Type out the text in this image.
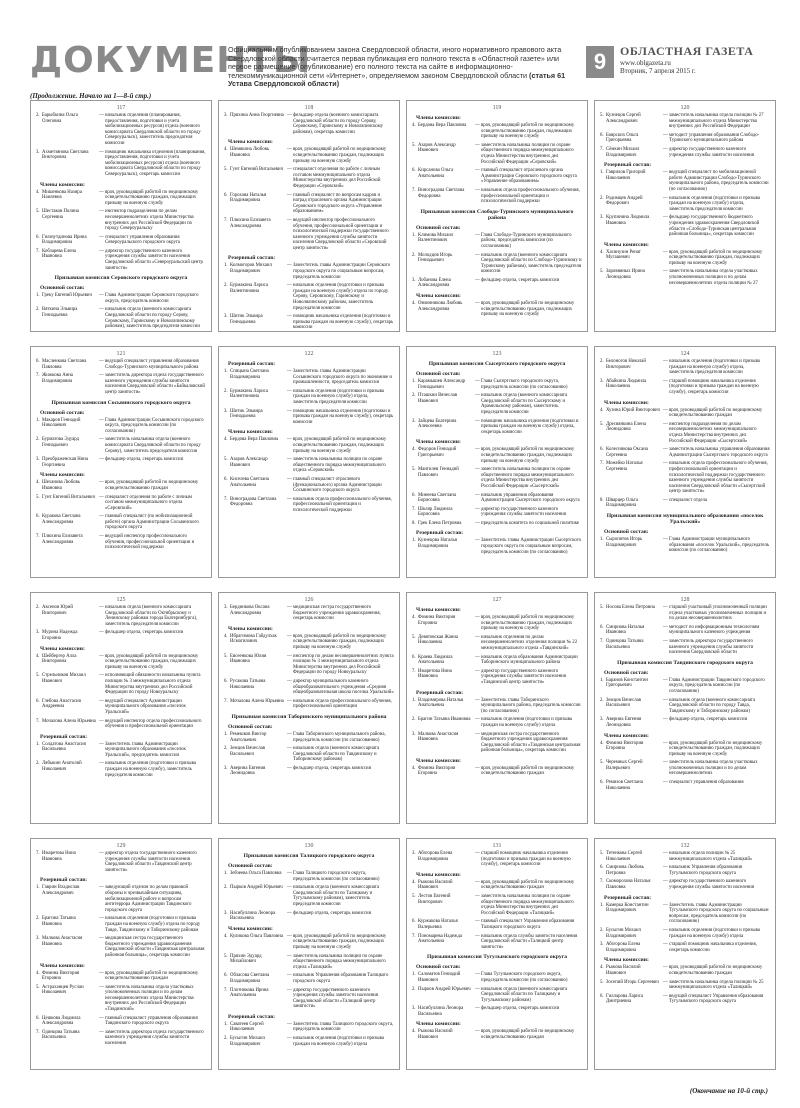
ДОКУМЕНТЫ
Официальным опубликованием закона Свердловской области, иного нормативного правового акта Свердловской области считается первая публикация его полного текста в «Областной газете» или первое размещение (опубликование) его полного текста на сайте в информационно-телекоммуникационной сети «Интернет», определяемом законом Свердловской области (статья 61 Устава Свердловской области)
9	ОБЛАСТНАЯ ГАЗЕТА
www.oblgazeta.ru
Вторник, 7 апреля 2015 г.
(Продолжение. Начало на 1—8-й стр.)
117
2. Барыбкина Ольга Олеговна
— начальник отделения (планирования, предоставления, подготовки и учета мобилизационных ресурсов) отдела (военного комиссариата Свердловской области по городу Североуральск), заместитель председателя комиссии
3. Ахметзянова Светлана Викторовна
— помощник начальника отделения (планирования, предоставления, подготовки и учета мобилизационных ресурсов) отдела (военного комиссариата Свердловской области по городу Североуральск), секретарь комиссии
Члены комиссии:
4. Мишенкова Назира Наилевна
— врач, руководящий работой по медицинскому освидетельствованию граждан, подлежащих призыву на военную службу
5. Шестаков Полина Сергеевна
— инспектор подразделения по делам несовершеннолетних отдела Министерства внутренних дел Российской Федерации по городу Североуральску
6. Гилязутдинова Ирина Владимировна
— специалист управления образования Североуральского городского округа
7. Кобзарева Елена Ивановна
— директор государственного казенного учреждения службы занятости населения Свердловской области «Североуральский центр занятости»
Призывная комиссия Серовского городского округа
Основной состав:
1. Греку Евгений Юрьевич	— Глава Администрации Серовского городского округа, председатель комиссии
2. Вяткина Эльвира Геннадьевна
— начальник отдела (военного комиссариата Свердловской области по городу Серову, Серовскому, Гаринскому и Новолялинскому районам), заместитель председателя комиссии
118
3. Пряхина Анна Георгиевна — фельдшер отдела (военного комиссариата Свердловской области по городу Серову, Серовскому, Гаринскому и Новолялинскому районам), секретарь комиссии
Члены комиссии:
4. Шемякина Любовь Ивановна
— врач, руководящий работой по медицинскому освидетельствованию граждан, подлежащих призыву на военную службу
5. Гунт Евгений Витальевич — специалист отделения по работе с личным составом межмуниципального отдела Министерства внутренних дел Российской Федерации «Серовский»
6. Горохова Наталья Владимировна
— главный специалист по вопросам кадров и наград отраслевого органа Администрации Серовского городского округа «Управление образованием»
7. Плюхина Елизавета Александровна
— ведущий инспектор профессионального обучения, профессиональной ориентации и психологической поддержки государственного казенного учреждения службы занятости населения Свердловской области «Серовский центр занятости»
Резервный состав:
1. Колмогоров Михаил Владимирович
— Заместитель главы Администрации Серовского городского округа по социальным вопросам, председатель комиссии
2. Бурмакина Лариса Валентиновна
— начальник отделения (подготовки и призыва граждан на военную службу) отдела по городу Серову, Серовскому, Гаринскому и Новолялинскому районам, заместитель председателя комиссии
3. Шитик Эльвира Геннадьевна
— помощник начальника отделения (подготовки и призыва граждан на военную службу), секретарь комиссии
119
Члены комиссии:
4. Бердова Вера Павловна	— врач, руководящий работой по медицинскому освидетельствованию граждан, подлежащих призыву на военную службу
5. Азаров Александр Иванович
— заместитель начальника полиции по охране общественного порядка межмуниципального отдела Министерства внутренних дел Российской Федерации «Серовский»
6. Кирсанова Ольга Анатольевна
— главный специалист отраслевого органа Администрации Серовского городского округа «Управление образованием»
7. Виноградова Светлана Федоровна
— начальник отдела профессионального обучения, профессиональной ориентации и психологической поддержки
Призывная комиссия Слободо-Туринского муниципального района
Основной состав:
1. Климова Михаил Валентинович
— Глава Слободо-Туринского муниципального района, председатель комиссии (по согласованию)
2. Молодцов Игорь Геннадьевич
— начальник отдела (военного комиссариата Свердловской области по Слободо-Туринскому и Туринскому районам), заместитель председателя комиссии
3. Лобанова Елена Александровна
— фельдшер отдела, секретарь комиссии
Члены комиссии:
4. Овчинникова Любовь Александровна
— врач, руководящий работой по медицинскому освидетельствованию граждан, подлежащих призыву на военную службу
120
5. Кузнецов Сергей Александрович
— заместитель начальника отдела полиции № 27 межмуниципального отдела Министерства внутренних дел Российской Федерации
6. Боярских Ольга Григорьевна
— методист управления образования Слободо-Туринского муниципального района
7. Сёмкин Михаил Владимирович
— директор государственного казенного учреждения службы занятости населения
Резервный состав:
1. Гаврилов Григорий Николаевич
— ведущий специалист по мобилизационной работе Администрации Слободо-Туринского муниципального района, председатель комиссии (по согласованию)
2. Родимцев Андрей Федорович
— начальник отделения (подготовки и призыва граждан на военную службу) отдела, заместитель председателя комиссии
3. Крупинина Людмила Ивановна
— фельдшер государственного бюджетного учреждения здравоохранения Свердловской области «Слободо-Туринская центральная районная больница», секретарь комиссии
Члены комиссии:
4. Хасинузин Ренат Мугашевич
— врач, руководящий работой по медицинскому освидетельствованию граждан, подлежащих призыву на военную службу
5. Заровняных Ирина Леонидовна
— заместитель начальника отдела участковых уполномоченных полиции и по делам несовершеннолетних отдела полиции № 27
121
6. Масленкова Светлана Павловна
— ведущий специалист управления образования Слободо-Туринского муниципального района
7. Жижкова Анна Владимировна
— заместитель директора отдела государственного казенного учреждения службы занятости населения Свердловской области «Байкаловский центр занятости»
Призывная комиссия Сосьвинского городского округа
Основной состав:
1. Макаров Геннадий Николаевич
— Глава Администрации Сосьвинского городского округа, председатель комиссии (по согласованию)
2. Бурматова Эдуард Геннадьевич
— заместитель начальника отдела (военного комиссариата Свердловской области по городу Серову), заместитель председателя комиссии
3. Преображенская Нина Георгиевна
— фельдшер отдела, секретарь комиссии
Члены комиссии:
4. Шеханова Любовь Ивановна
— врач, руководящий работой по медицинскому освидетельствованию граждан
5. Гунт Евгений Витальевич — специалист отделения по работе с личным составом межмуниципального отдела «Серовский»
6. Куракова Светлана Александровна
— главный специалист (по мобилизационной работе) органа Администрации Сосьвинского городского округа
7. Плюхина Елизавета Александровна
— ведущий инспектор профессионального обучения, профессиональной ориентации и психологической поддержки
122
Резервный состав:
1. Спицына Светлана Владимировна
— Заместитель главы Администрации Сосьвинского городского округа по экономике и промышленности, председатель комиссии
2. Бурмакина Лариса Валентиновна
— начальник отделения (подготовки и призыва граждан на военную службу) отдела, заместитель председателя комиссии
3. Шитик Эльвира Геннадьевна
— помощник начальника отделения (подготовки и призыва граждан на военную службу), секретарь комиссии
Члены комиссии:
4. Бердова Вера Павловна	— врач, руководящий работой по медицинскому освидетельствованию граждан, подлежащих призыву на военную службу
5. Азаров Александр Иванович
— заместитель начальника полиции по охране общественного порядка межмуниципального отдела «Серовский»
6. Киселева Светлана Анатольевна
— главный специалист отраслевого (функционального) органа Администрации Сосьвинского городского округа
7. Виноградова Светлана Федоровна
— начальник отдела профессионального обучения, профессиональной ориентации и психологической поддержки
123
Призывная комиссия Сысертского городского округа
Основной состав:
1. Карамышев Александр Геннадьевич
— Глава Сысертского городского округа, председатель комиссии (по согласованию)
2. Пташкин Вячеслав Иванович
— начальник отдела (военного комиссариата Свердловской области по Сысертскому и Арамильскому районам), заместитель председателя комиссии
3. Зайцева Екатерина Алексеевна
— помощник начальника отделения (подготовки и призыва граждан на военную службу) отдела, секретарь комиссии
Члены комиссии:
4. Федоров Геннадий Григорьевич
— врач, руководящий работой по медицинскому освидетельствованию граждан, подлежащих призыву на военную службу
5. Мангилев Геннадий Павлович
— заместитель начальника полиции по охране общественного порядка межмуниципального отдела Министерства внутренних дел Российской Федерации «Сысертский»
6. Минеева Светлана Борисовна
— начальник управления образования Администрации Сысертского городского округа
7. Шкляр Людмила Борисовна
— директор государственного казенного учреждения службы занятости населения
8. Грек Елена Петровна	— председатель комитета по социальной политике
Резервный состав:
1. Кузнецова Наталья Владимировна
— Заместитель главы Администрации Сысертского городского округа по социальным вопросам, председатель комиссии (по согласованию)
124
2. Белоногов Николай Викторович
— начальник отделения (подготовки и призыва граждан на военную службу) отдела, заместитель председателя комиссии
3. Абайкина Людмила Николаевна
— старший помощник начальника отделения (подготовки и призыва граждан на военную службу), секретарь комиссии
Члены комиссии:
4. Хузина Юрий Викторович — врач, руководящий работой по медицинскому освидетельствованию граждан
5. Дресвянкина Елена Леонидовна
— инспектор подразделения по делам несовершеннолетних межмуниципального отдела Министерства внутренних дел Российской Федерации «Сысертский»
6. Колесникова Оксана Сергеевна
— заместитель начальника управления образования Администрации Сысертского городского округа
7. Можейко Наталья Сергеевна
— начальник отдела профессионального обучения, профессиональной ориентации и психологической поддержки государственного казенного учреждения службы занятости населения Свердловской области «Сысертский центр занятости»
8. Шварцер Ольга Владимировна
— специалист отдела
Призывная комиссия муниципального образования «поселок Уральский»
Основной состав:
1. Сыропятов Игорь Владимирович
— Глава Администрации муниципального образования «поселок Уральский», председатель комиссии (по согласованию)
125
2. Аксенов Юрий Викторович
— начальник отдела (военного комиссариата Свердловской области по Октябрьскому и Ленинскому районам города Екатеринбурга), заместитель председателя комиссии
3. Мурина Надежда Егоровна
— фельдшер отдела, секретарь комиссии
Члены комиссии:
4. Шейбергер Алла Викторовна
— врач, руководящий работой по медицинскому освидетельствованию граждан, подлежащих призыву на военную службу
5. Стрельников Михаил Иванович
— исполняющий обязанности начальника пункта полиции № 3 межмуниципального отдела Министерства внутренних дел Российской Федерации по городу Новоуральску
6. Глебова Анастасия Андреевна
— ведущий специалист Администрации муниципального образования «поселок Уральский»
7. Мочалова Алена Юрьевна — ведущий инспектор отдела профессионального обучения и профессиональной ориентации
Резервный состав:
1. Солдатова Анастасия Васильевна
— Заместитель главы Администрации муниципального образования «поселок Уральский», председатель комиссии
2. Лябыкин Анатолий Николаевич
— начальник отделения (подготовки и призыва граждан на военную службу), заместитель председателя комиссии
126
3. Бердникова Оксана Александровна
— медицинская сестра государственного бюджетного учреждения здравоохранения, секретарь комиссии
Члены комиссии:
4. Ибрагимова Габдулхак Исмагилович
— врач, руководящий работой по медицинскому освидетельствованию граждан, подлежащих призыву на военную службу
5. Евсеенкова Юлия Ивановна
— инспектор по делам несовершеннолетних пункта полиции № 3 межмуниципального отдела Министерства внутренних дел Российской Федерации по городу Новоуральску
6. Русакова Татьяна Николаевна
— директор муниципального казенного общеобразовательного учреждения «Средняя общеобразовательная школа поселка Уральский»
7. Мочалова Алена Юрьевна — начальник отдела профессионального обучения, профессиональной ориентации
Призывная комиссия Таборинского муниципального района
Основной состав:
1. Ремешков Виктор Анатольевич
— Глава Таборинского муниципального района, председатель комиссии (по согласованию)
2. Земцов Вячеслав Васильевич
— начальник отдела (военного комиссариата Свердловской области по Тавдинскому и Таборинскому районам)
3. Аверина Евгения Леонидовна
— фельдшер отдела, секретарь комиссии
127
Члены комиссии:
4. Фомина Виктория Егоровна
— врач, руководящий работой по медицинскому освидетельствованию граждан, подлежащих призыву на военную службу
5. Девятовская Жанна Николаевна
— начальник отделения по делам несовершеннолетних отделения полиции № 22 межмуниципального отдела «Тавдинский»
6. Краева Людмила Анатольевна
— начальник отдела образования Администрации Таборинского муниципального района
7. Имаретова Нина Ивановна
— директор государственного казенного учреждения службы занятости населения «Тавдинский центр занятости»
Резервный состав:
1. Владимирова Наталья Анатольевна
— Заместитель главы Таборинского муниципального района, председатель комиссии (по согласованию)
2. Брагин Татьяна Ивановна — начальник отделения (подготовки и призыва граждан на военную службу) отдела
3. Малкова Анастасия Ивановна
— медицинская сестра государственного бюджетного учреждения здравоохранения Свердловской области «Тавдинская центральная районная больница», секретарь комиссии
Члены комиссии:
4. Фомина Виктория Егоровна
— врач, руководящий работой по медицинскому освидетельствованию граждан
128
5. Носова Елена Петровна	— старший участковый уполномоченный полиции отдела участковых уполномоченных полиции и по делам несовершеннолетних
6. Смирнова Наталья Ивановна
— методист по информационным технологиям муниципального казенного учреждения
7. Одинцова Татьяна Васильевна
— заместитель директора государственного казенного учреждения службы занятости населения Свердловской области
Призывная комиссия Тавдинского городского округа
Основной состав:
1. Баранов Константин Григорьевич
— Глава Администрации Тавдинского городского округа, председатель комиссии (по согласованию)
2. Земцов Вячеслав Васильевич
— начальник отдела (военного комиссариата Свердловской области по городу Тавда, Тавдинскому и Таборинскому районам)
3. Аверина Евгения Леонидовна
— фельдшер отдела, секретарь комиссии
Члены комиссии:
4. Фомина Виктория Егоровна
— врач, руководящий работой по медицинскому освидетельствованию граждан, подлежащих призыву на военную службу
5. Черемных Сергей Валерьевич
— заместитель начальника отдела участковых уполномоченных полиции и по делам несовершеннолетних
6. Ремизов Светлана Николаевна
— специалист управления образования
129
7. Имаретова Нина Ивановна
— директор отдела государственного казенного учреждения службы занятости населения Свердловской области «Тавдинский центр занятости»
Резервный состав:
1. Гаврин Владислав Александрович
— заведующий отделом по делам правовой обороны и чрезвычайным ситуациям, мобилизационной работе и вопросам антитеррора Администрации Тавдинского городского округа
2. Брагина Татьяна Ивановна
— начальник отделения (подготовки и призыва граждан на военную службу) отдела по городу Тавде, Тавдинскому и Таборинскому районам
3. Малкова Анастасия Ивановна
— медицинская сестра государственного бюджетного учреждения здравоохранения Свердловской области «Тавдинская центральная районная больница», секретарь комиссии
Члены комиссии:
4. Фомина Виктория Егоровна
— врач, руководящий работой по медицинскому освидетельствованию граждан
5. Астраханцев Руслан Николаевич
— заместитель начальника отдела участковых уполномоченных полиции и по делам несовершеннолетних отдела Министерства внутренних дел Российской Федерации «Тавдинский»
6. Цешкова Людмила Александровна
— главный специалист управления образования Тавдинского городского округа
7. Одинцова Татьяна Васильевна
— заместитель директора отдела государственного казенного учреждения службы занятости населения
130
Призывная комиссия Талицкого городского округа
Основной состав:
1. Зебзеева Ольга Павловна	— Глава Талицкого городского округа, председатель комиссии (по согласованию)
2. Пырков Андрей Юрьевич — начальник отдела (военного комиссариата Свердловской области по Талицкому и Тугулымскому районам), заместитель председателя комиссии
3. Насибуллина Леонора Васильевна
— фельдшер отдела, секретарь комиссии
Члены комиссии:
4. Куликова Ольга Павловна — врач, руководящий работой по медицинскому освидетельствованию граждан, подлежащих призыву на военную службу
5. Пряхин Эдуард Михайлович
— заместитель начальника полиции по охране общественного порядка межмуниципального отдела «Талицкий»
6. Обласова Светлана Владимировна
— начальник Управления образования Талицкого городского округа
7. Плотникова Ирина Анатольевна
— директор государственного казенного учреждения службы занятости населения Свердловской области «Талицкий центр занятости»
Резервный состав:
1. Саватеев Сергей Николаевич
— Заместитель главы Талицкого городского округа, председатель комиссии
2. Бусыгин Михаил Владимирович
— начальник отделения (подготовки и призыва граждан на военную службу) отдела
131
3. Абзгорова Елена Владимировна
— старший помощник начальника отделения (подготовки и призыва граждан на военную службу), секретарь комиссии
Члены комиссии:
4. Рыжова Василий Иванович
— врач, руководящий работой по медицинскому освидетельствованию граждан
5. Лестов Евгений Викторович
— заместитель начальника полиции по охране общественного порядка межмуниципального отдела Министерства внутренних дел Российской Федерации «Талицкий»
6. Куржакова Наталья Валерьевна
— главный специалист Управления образования Талицкого городского округа
7. Пономарева Надежда Анатольевна
— начальник отдела службы занятости населения Свердловской области «Талицкий центр занятости»
Призывная комиссия Тугулымского городского округа
Основной состав:
1. Саломатов Геннадий Иванович
— Глава Тугулымского городского округа, председатель комиссии (по согласованию)
2. Пырков Андрей Юрьевич — начальник отдела (военного комиссариата Свердловской области по Талицкому и Тугулымскому районам)
3. Насибуллина Леонора Васильевна
— фельдшер отдела, секретарь комиссии
Члены комиссии:
4. Рыжова Василий Иванович
— врач, руководящий работой по медицинскому освидетельствованию граждан
132
5. Тетенкова Сергей Николаевич
— начальник отдела полиции № 25 межмуниципального отдела «Талицкий»
6. Смирнова Любовь Петровна
— начальник Управления образования Тугулымского городского округа
7. Скоморохова Наталья Павловна
— директор государственного казенного учреждения службы занятости населения
Резервный состав:
1. Камерка Константин Владимирович
— Заместитель главы Администрации Тугулымского городского округа по социальным вопросам, председатель комиссии (по согласованию)
2. Бусыгин Михаил Владимирович
— начальник отделения (подготовки и призыва граждан на военную службу) отдела
3. Абзгорова Елена Владимировна
— старший помощник начальника отделения, секретарь комиссии
Члены комиссии:
4. Рыжова Василий Иванович
— врач, руководящий работой по медицинскому освидетельствованию граждан
5. Зосепий Игорь Сергеевич — заместитель начальника отдела полиции № 25 межмуниципального отдела «Талицкий»
6. Гилларова Лариса Дмитриевна
— ведущий специалист Управления образования Тугулымского городского округа
(Окончание на 10-й стр.)
